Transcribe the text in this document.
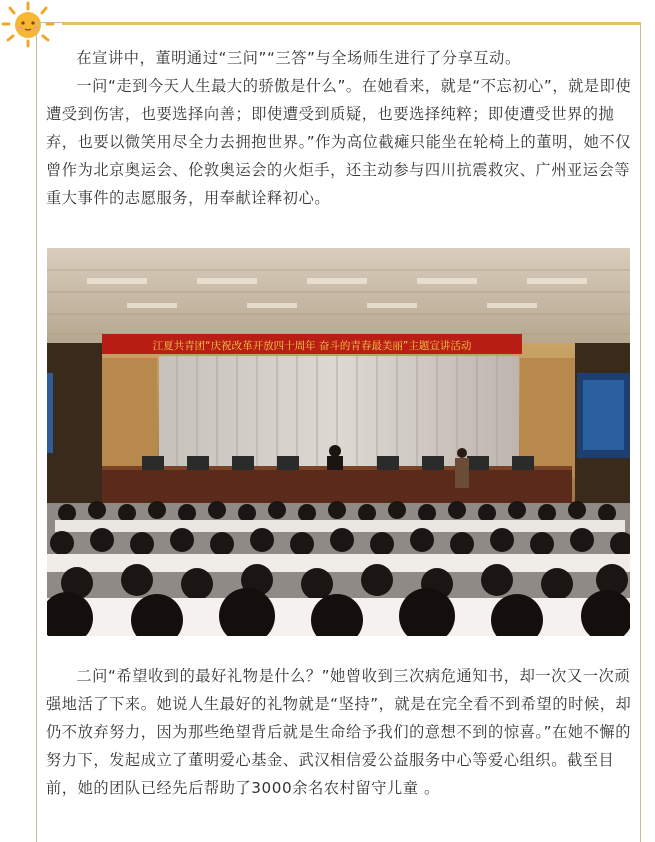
在宣讲中，董明通过“三问”“三答”与全场师生进行了分享互动。

一问“走到今天人生最大的骄傲是什么”。在她看来，就是“不忘初心”，就是即使遭受到伤害，也要选择向善；即使遭受到质疑，也要选择纯粹；即使遭受世界的抛弃，也要以微笑用尽全力去拥抱世界。”作为高位截瘫只能坐在轮椅上的董明，她不仅曾作为北京奥运会、伦敦奥运会的火炬手，还主动参与四川抗震救灾、广州亚运会等重大事件的志愿服务，用奉献诠释初心。

江夏共青团“庆祝改革开放四十周年 奋斗的青春最美丽”主题宣讲活动

二问“希望收到的最好礼物是什么？”她曾收到三次病危通知书，却一次又一次顽强地活了下来。她说人生最好的礼物就是“坚持”，就是在完全看不到希望的时候，却仍不放弃努力，因为那些绝望背后就是生命给予我们的意想不到的惊喜。”在她不懈的努力下，发起成立了董明爱心基金、武汉相信爱公益服务中心等爱心组织。截至目前，她的团队已经先后帮助了3000余名农村留守儿童 。
